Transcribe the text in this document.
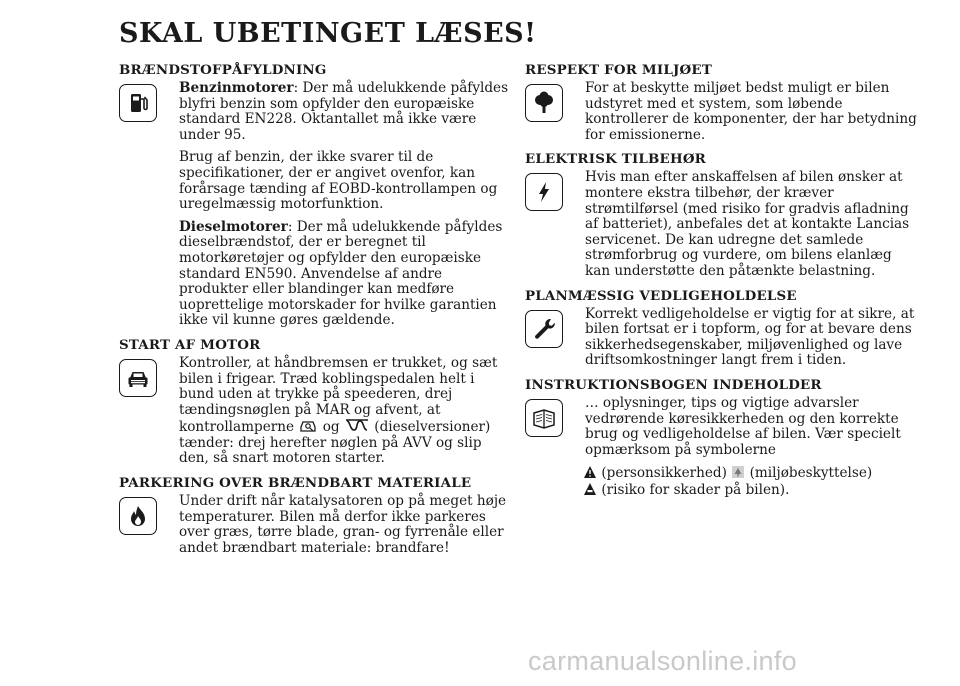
SKAL UBETINGET LÆSES!
BRÆNDSTOFPÅFYLDNING

Benzinmotorer: Der må udelukkende påfyldes blyfri benzin som opfylder den europæiske standard EN228. Oktantallet må ikke være under 95.

Brug af benzin, der ikke svarer til de specifikationer, der er angivet ovenfor, kan forårsage tænding af EOBD-kontrollampen og uregelmæssig motorfunktion.

Dieselmotorer: Der må udelukkende påfyldes dieselbrændstof, der er beregnet til motorkøretøjer og opfylder den europæiske standard EN590. Anvendelse af andre produkter eller blandinger kan medføre uoprettelige motorskader for hvilke garantien ikke vil kunne gøres gældende.

START AF MOTOR

Kontroller, at håndbremsen er trukket, og sæt bilen i frigear. Træd koblingspedalen helt i bund uden at trykke på speederen, drej tændingsnøglen på MAR og afvent, at kontrollamperne og	(dieselversioner) tænder: drej herefter nøglen på AVV og slip den, så snart motoren starter.

PARKERING OVER BRÆNDBART MATERIALE

Under drift når katalysatoren op på meget høje temperaturer. Bilen må derfor ikke parkeres over græs, tørre blade, gran- og fyrrenåle eller andet brændbart materiale: brandfare!

RESPEKT FOR MILJØET

For at beskytte miljøet bedst muligt er bilen udstyret med et system, som løbende kontrollerer de komponenter, der har betydning for emissionerne.

ELEKTRISK TILBEHØR

Hvis man efter anskaffelsen af bilen ønsker at montere ekstra tilbehør, der kræver strømtilførsel (med risiko for gradvis afladning af batteriet), anbefales det at kontakte Lancias servicenet. De kan udregne det samlede strømforbrug og vurdere, om bilens elanlæg kan understøtte den påtænkte belastning.

PLANMÆSSIG VEDLIGEHOLDELSE

Korrekt vedligeholdelse er vigtig for at sikre, at bilen fortsat er i topform, og for at bevare dens sikkerhedsegenskaber, miljøvenlighed og lave driftsomkostninger langt frem i tiden.

INSTRUKTIONSBOGEN INDEHOLDER

… oplysninger, tips og vigtige advarsler vedrørende køresikkerheden og den korrekte brug og vedligeholdelse af bilen. Vær specielt opmærksom på symbolerne

(personsikkerhed) (miljøbeskyttelse)
(risiko for skader på bilen).
carmanualsonline.info
